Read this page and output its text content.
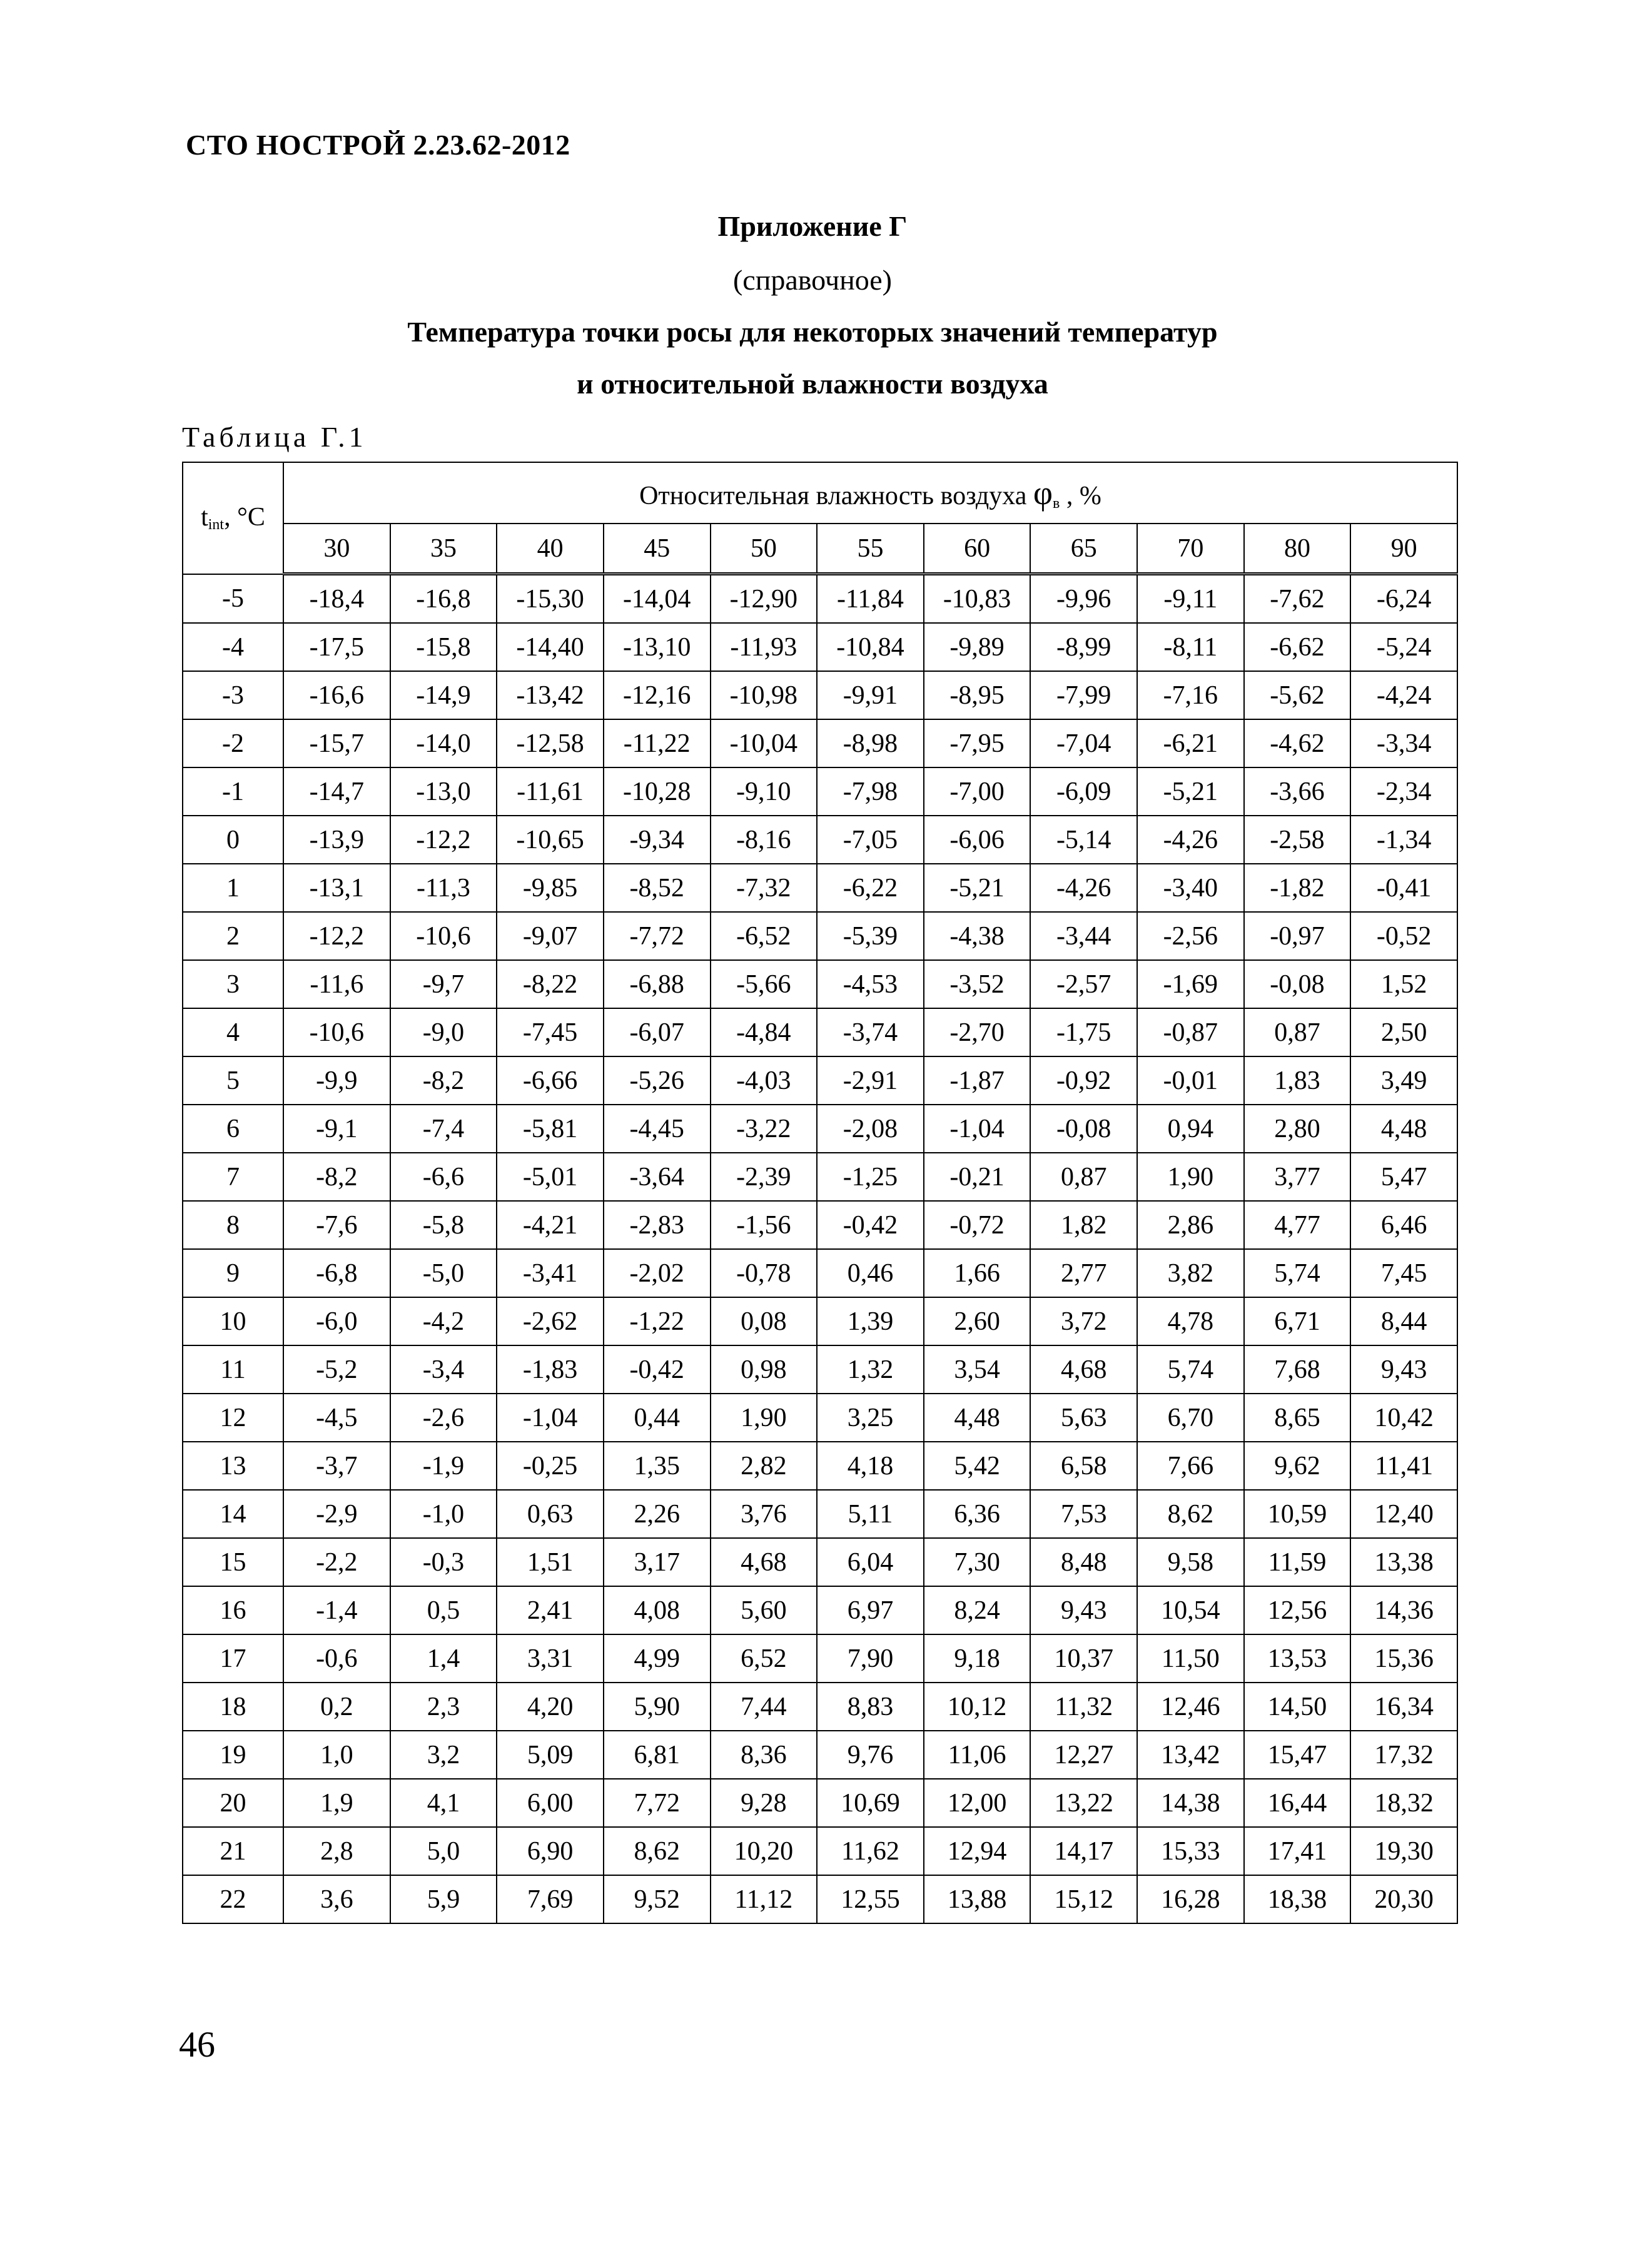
СТО НОСТРОЙ 2.23.62-2012
Приложение Г
(справочное)
Температура точки росы для некоторых значений температур
и относительной влажности воздуха
Таблица Г.1
$t_{int}$, °С	Относительная влажность воздуха $\varphi_в$ , %										
	30	35	40	45	50	55	60	65	70	80	90
-5	-18,4	-16,8	-15,30	-14,04	-12,90	-11,84	-10,83	-9,96	-9,11	-7,62	-6,24
-4	-17,5	-15,8	-14,40	-13,10	-11,93	-10,84	-9,89	-8,99	-8,11	-6,62	-5,24
-3	-16,6	-14,9	-13,42	-12,16	-10,98	-9,91	-8,95	-7,99	-7,16	-5,62	-4,24
-2	-15,7	-14,0	-12,58	-11,22	-10,04	-8,98	-7,95	-7,04	-6,21	-4,62	-3,34
-1	-14,7	-13,0	-11,61	-10,28	-9,10	-7,98	-7,00	-6,09	-5,21	-3,66	-2,34
0	-13,9	-12,2	-10,65	-9,34	-8,16	-7,05	-6,06	-5,14	-4,26	-2,58	-1,34
1	-13,1	-11,3	-9,85	-8,52	-7,32	-6,22	-5,21	-4,26	-3,40	-1,82	-0,41
2	-12,2	-10,6	-9,07	-7,72	-6,52	-5,39	-4,38	-3,44	-2,56	-0,97	-0,52
3	-11,6	-9,7	-8,22	-6,88	-5,66	-4,53	-3,52	-2,57	-1,69	-0,08	1,52
4	-10,6	-9,0	-7,45	-6,07	-4,84	-3,74	-2,70	-1,75	-0,87	0,87	2,50
5	-9,9	-8,2	-6,66	-5,26	-4,03	-2,91	-1,87	-0,92	-0,01	1,83	3,49
6	-9,1	-7,4	-5,81	-4,45	-3,22	-2,08	-1,04	-0,08	0,94	2,80	4,48
7	-8,2	-6,6	-5,01	-3,64	-2,39	-1,25	-0,21	0,87	1,90	3,77	5,47
8	-7,6	-5,8	-4,21	-2,83	-1,56	-0,42	-0,72	1,82	2,86	4,77	6,46
9	-6,8	-5,0	-3,41	-2,02	-0,78	0,46	1,66	2,77	3,82	5,74	7,45
10	-6,0	-4,2	-2,62	-1,22	0,08	1,39	2,60	3,72	4,78	6,71	8,44
11	-5,2	-3,4	-1,83	-0,42	0,98	1,32	3,54	4,68	5,74	7,68	9,43
12	-4,5	-2,6	-1,04	0,44	1,90	3,25	4,48	5,63	6,70	8,65	10,42
13	-3,7	-1,9	-0,25	1,35	2,82	4,18	5,42	6,58	7,66	9,62	11,41
14	-2,9	-1,0	0,63	2,26	3,76	5,11	6,36	7,53	8,62	10,59	12,40
15	-2,2	-0,3	1,51	3,17	4,68	6,04	7,30	8,48	9,58	11,59	13,38
16	-1,4	0,5	2,41	4,08	5,60	6,97	8,24	9,43	10,54	12,56	14,36
17	-0,6	1,4	3,31	4,99	6,52	7,90	9,18	10,37	11,50	13,53	15,36
18	0,2	2,3	4,20	5,90	7,44	8,83	10,12	11,32	12,46	14,50	16,34
19	1,0	3,2	5,09	6,81	8,36	9,76	11,06	12,27	13,42	15,47	17,32
20	1,9	4,1	6,00	7,72	9,28	10,69	12,00	13,22	14,38	16,44	18,32
21	2,8	5,0	6,90	8,62	10,20	11,62	12,94	14,17	15,33	17,41	19,30
22	3,6	5,9	7,69	9,52	11,12	12,55	13,88	15,12	16,28	18,38	20,30
46
